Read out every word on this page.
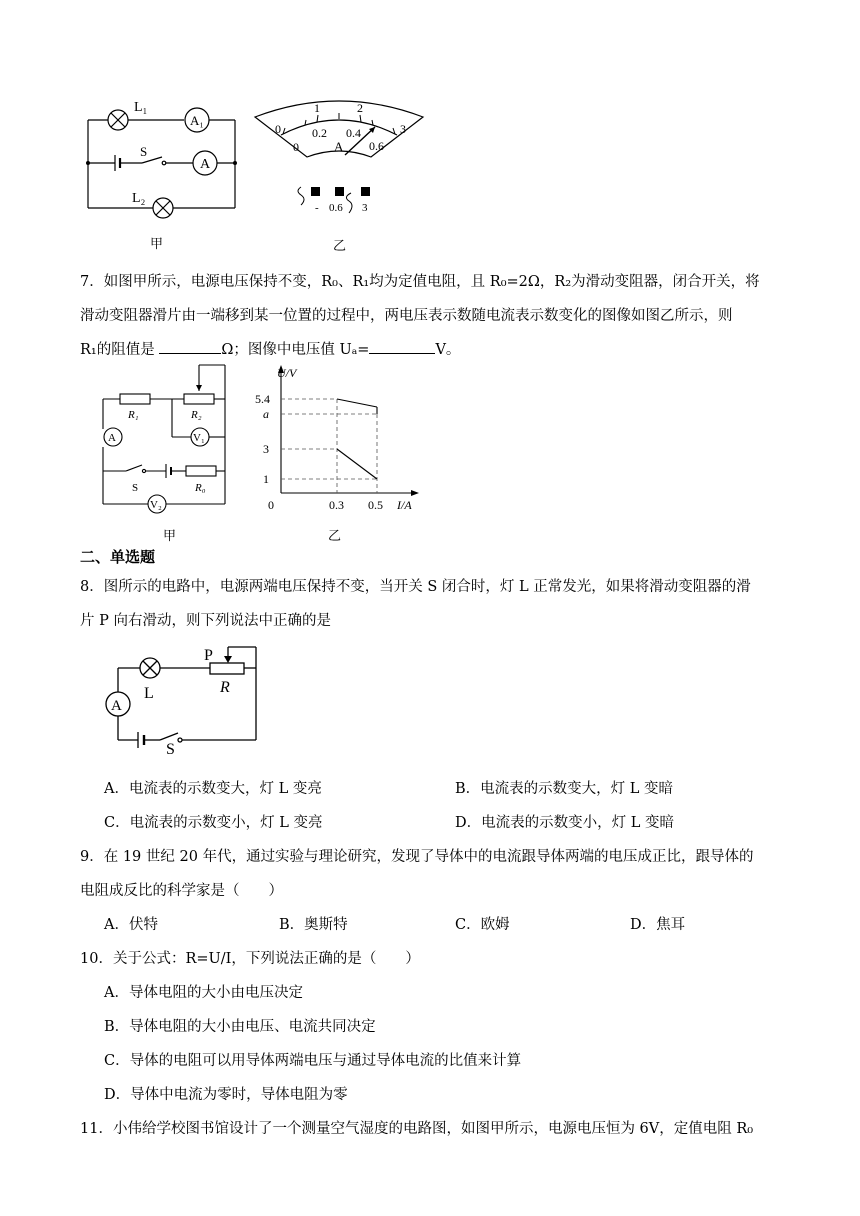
L₁
A₁
S
A
L₂
甲
0
1	2
3
0
0.2 0.4
0.6
A
- 0.6 3
乙
7．如图甲所示，电源电压保持不变，R₀、R₁均为定值电阻，且 R₀=2Ω，R₂为滑动变阻器，闭合开关，将
滑动变阻器滑片由一端移到某一位置的过程中，两电压表示数随电流表示数变化的图像如图乙所示，则
R₁的阻值是	Ω；图像中电压值 Uₐ=	V。
R₁	R₂
R₀
V₁
A
S
V₂
甲
U/V
5.4
a
3
1
0	0.3 0.5 I/A
乙
二、单选题
8．图所示的电路中，电源两端电压保持不变，当开关 S 闭合时，灯 L 正常发光，如果将滑动变阻器的滑
片 P 向右滑动，则下列说法中正确的是
P
L	R
A
S
A．电流表的示数变大，灯 L 变亮	B．电流表的示数变大，灯 L 变暗
C．电流表的示数变小，灯 L 变亮	D．电流表的示数变小，灯 L 变暗
9．在 19 世纪 20 年代，通过实验与理论研究，发现了导体中的电流跟导体两端的电压成正比，跟导体的
电阻成反比的科学家是（　　）
A．伏特	B．奥斯特	C．欧姆	D．焦耳
10．关于公式：R=U/I，下列说法正确的是（　　）
A．导体电阻的大小由电压决定
B．导体电阻的大小由电压、电流共同决定
C．导体的电阻可以用导体两端电压与通过导体电流的比值来计算
D．导体中电流为零时，导体电阻为零
11．小伟给学校图书馆设计了一个测量空气湿度的电路图，如图甲所示，电源电压恒为 6V，定值电阻 R₀
